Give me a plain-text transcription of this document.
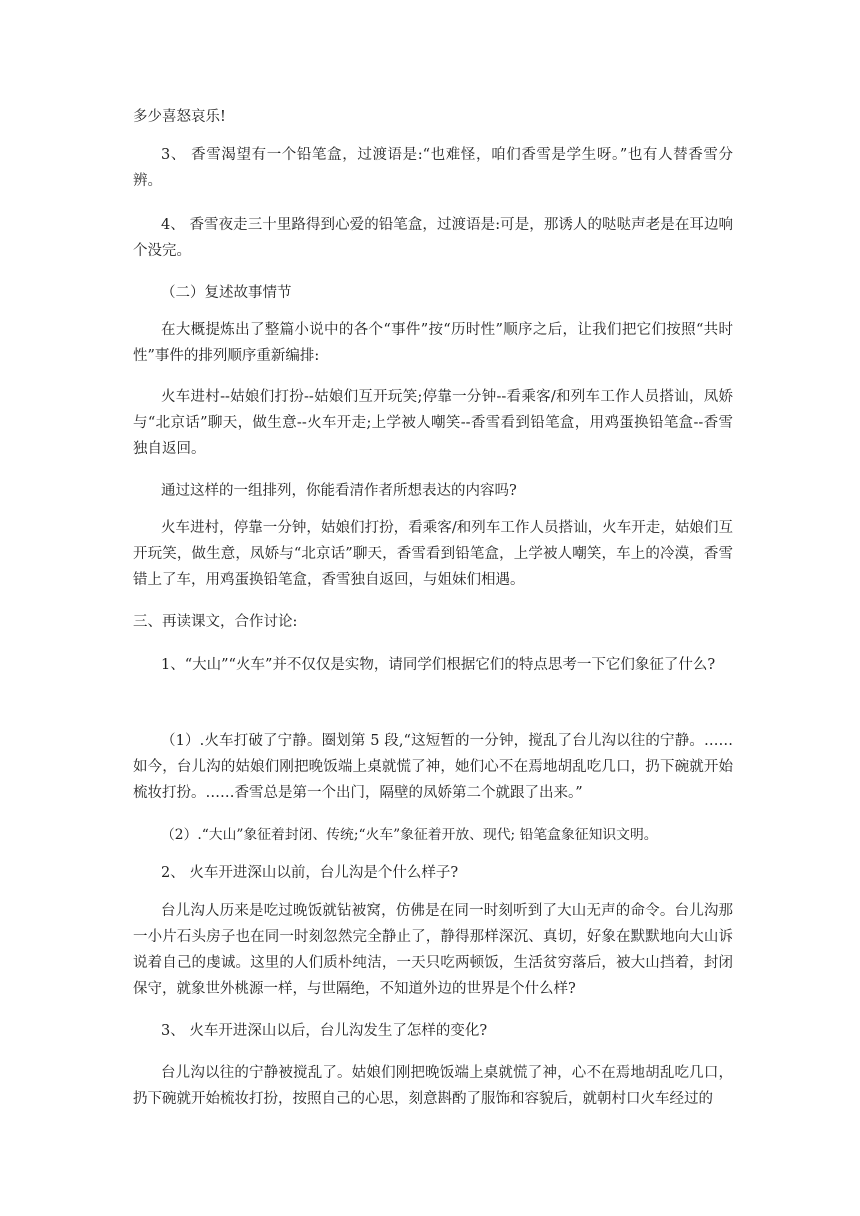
多少喜怒哀乐!

3、 香雪渴望有一个铅笔盒，过渡语是:“也难怪，咱们香雪是学生呀。”也有人替香雪分辨。

4、 香雪夜走三十里路得到心爱的铅笔盒，过渡语是:可是，那诱人的哒哒声老是在耳边响个没完。

（二）复述故事情节

在大概提炼出了整篇小说中的各个“事件”按“历时性”顺序之后，让我们把它们按照“共时性”事件的排列顺序重新编排:

火车进村--姑娘们打扮--姑娘们互开玩笑;停靠一分钟--看乘客/和列车工作人员搭讪，凤娇与“北京话”聊天，做生意--火车开走;上学被人嘲笑--香雪看到铅笔盒，用鸡蛋换铅笔盒--香雪独自返回。

通过这样的一组排列，你能看清作者所想表达的内容吗?

火车进村，停靠一分钟，姑娘们打扮，看乘客/和列车工作人员搭讪，火车开走，姑娘们互开玩笑，做生意，凤娇与“北京话”聊天，香雪看到铅笔盒，上学被人嘲笑，车上的冷漠，香雪错上了车，用鸡蛋换铅笔盒，香雪独自返回，与姐妹们相遇。

三、再读课文，合作讨论:

1、“大山”“火车”并不仅仅是实物，请同学们根据它们的特点思考一下它们象征了什么?

（1）.火车打破了宁静。圈划第 5 段,“这短暂的一分钟，搅乱了台儿沟以往的宁静。……如今，台儿沟的姑娘们刚把晚饭端上桌就慌了神，她们心不在焉地胡乱吃几口，扔下碗就开始梳妆打扮。……香雪总是第一个出门，隔壁的凤娇第二个就跟了出来。”

（2）.“大山”象征着封闭、传统;“火车”象征着开放、现代; 铅笔盒象征知识文明。

2、 火车开进深山以前，台儿沟是个什么样子?

台儿沟人历来是吃过晚饭就钻被窝，仿佛是在同一时刻听到了大山无声的命令。台儿沟那一小片石头房子也在同一时刻忽然完全静止了，静得那样深沉、真切，好象在默默地向大山诉说着自己的虔诚。这里的人们质朴纯洁，一天只吃两顿饭，生活贫穷落后，被大山挡着，封闭保守，就象世外桃源一样，与世隔绝，不知道外边的世界是个什么样?

3、 火车开进深山以后，台儿沟发生了怎样的变化?

台儿沟以往的宁静被搅乱了。姑娘们刚把晚饭端上桌就慌了神，心不在焉地胡乱吃几口，扔下碗就开始梳妆打扮，按照自己的心思，刻意斟酌了服饰和容貌后，就朝村口火车经过的
